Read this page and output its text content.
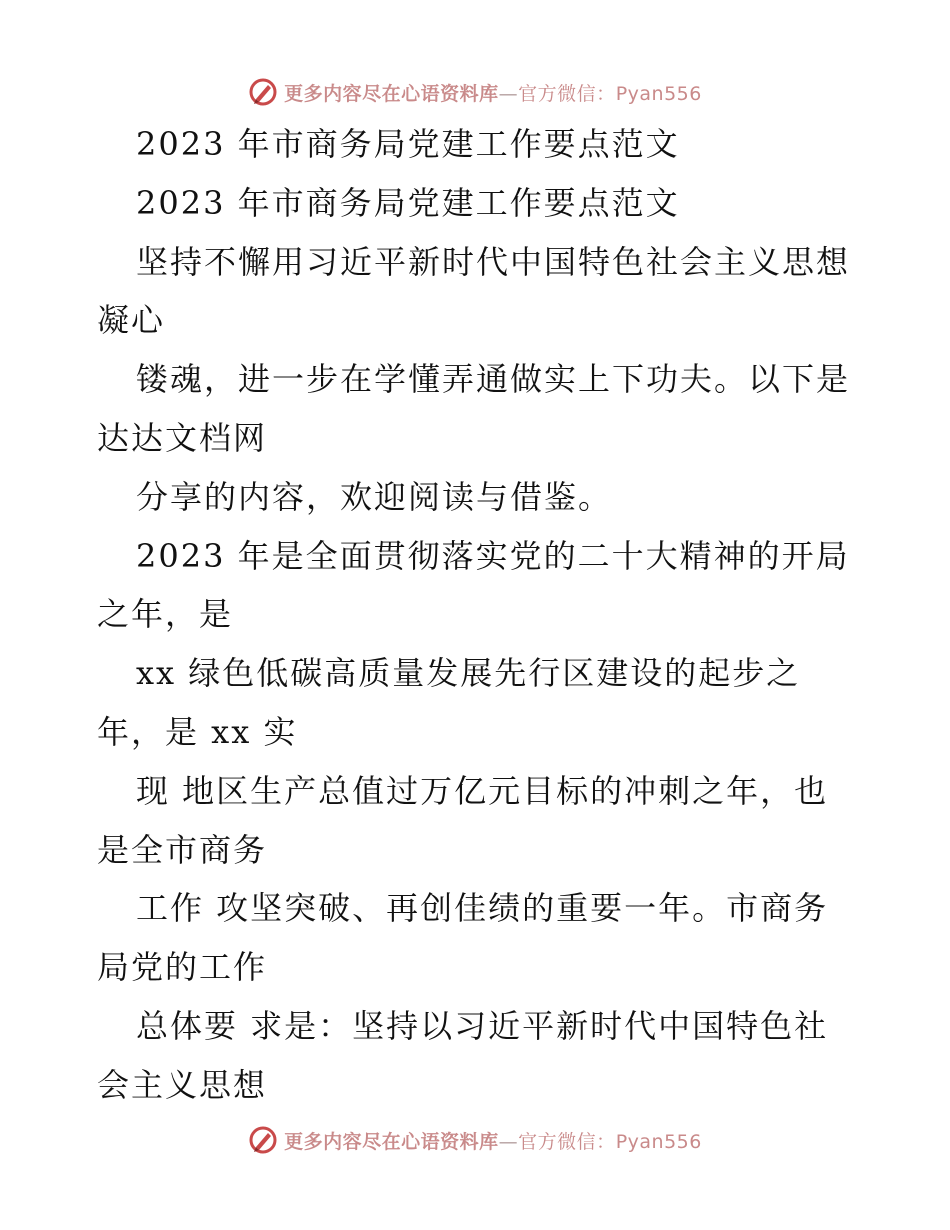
更多内容尽在心语资料库—官方微信：Pyan556
2023 年市商务局党建工作要点范文
2023 年市商务局党建工作要点范文
坚持不懈用习近平新时代中国特色社会主义思想
凝心
镂魂，进一步在学懂弄通做实上下功夫。以下是
达达文档网
分享的内容，欢迎阅读与借鉴。
2023 年是全面贯彻落实党的二十大精神的开局
之年，是
xx 绿色低碳高质量发展先行区建设的起步之
年，是 xx 实
现 地区生产总值过万亿元目标的冲刺之年，也
是全市商务
工作 攻坚突破、再创佳绩的重要一年。市商务
局党的工作
总体要 求是：坚持以习近平新时代中国特色社
会主义思想
更多内容尽在心语资料库—官方微信：Pyan556
